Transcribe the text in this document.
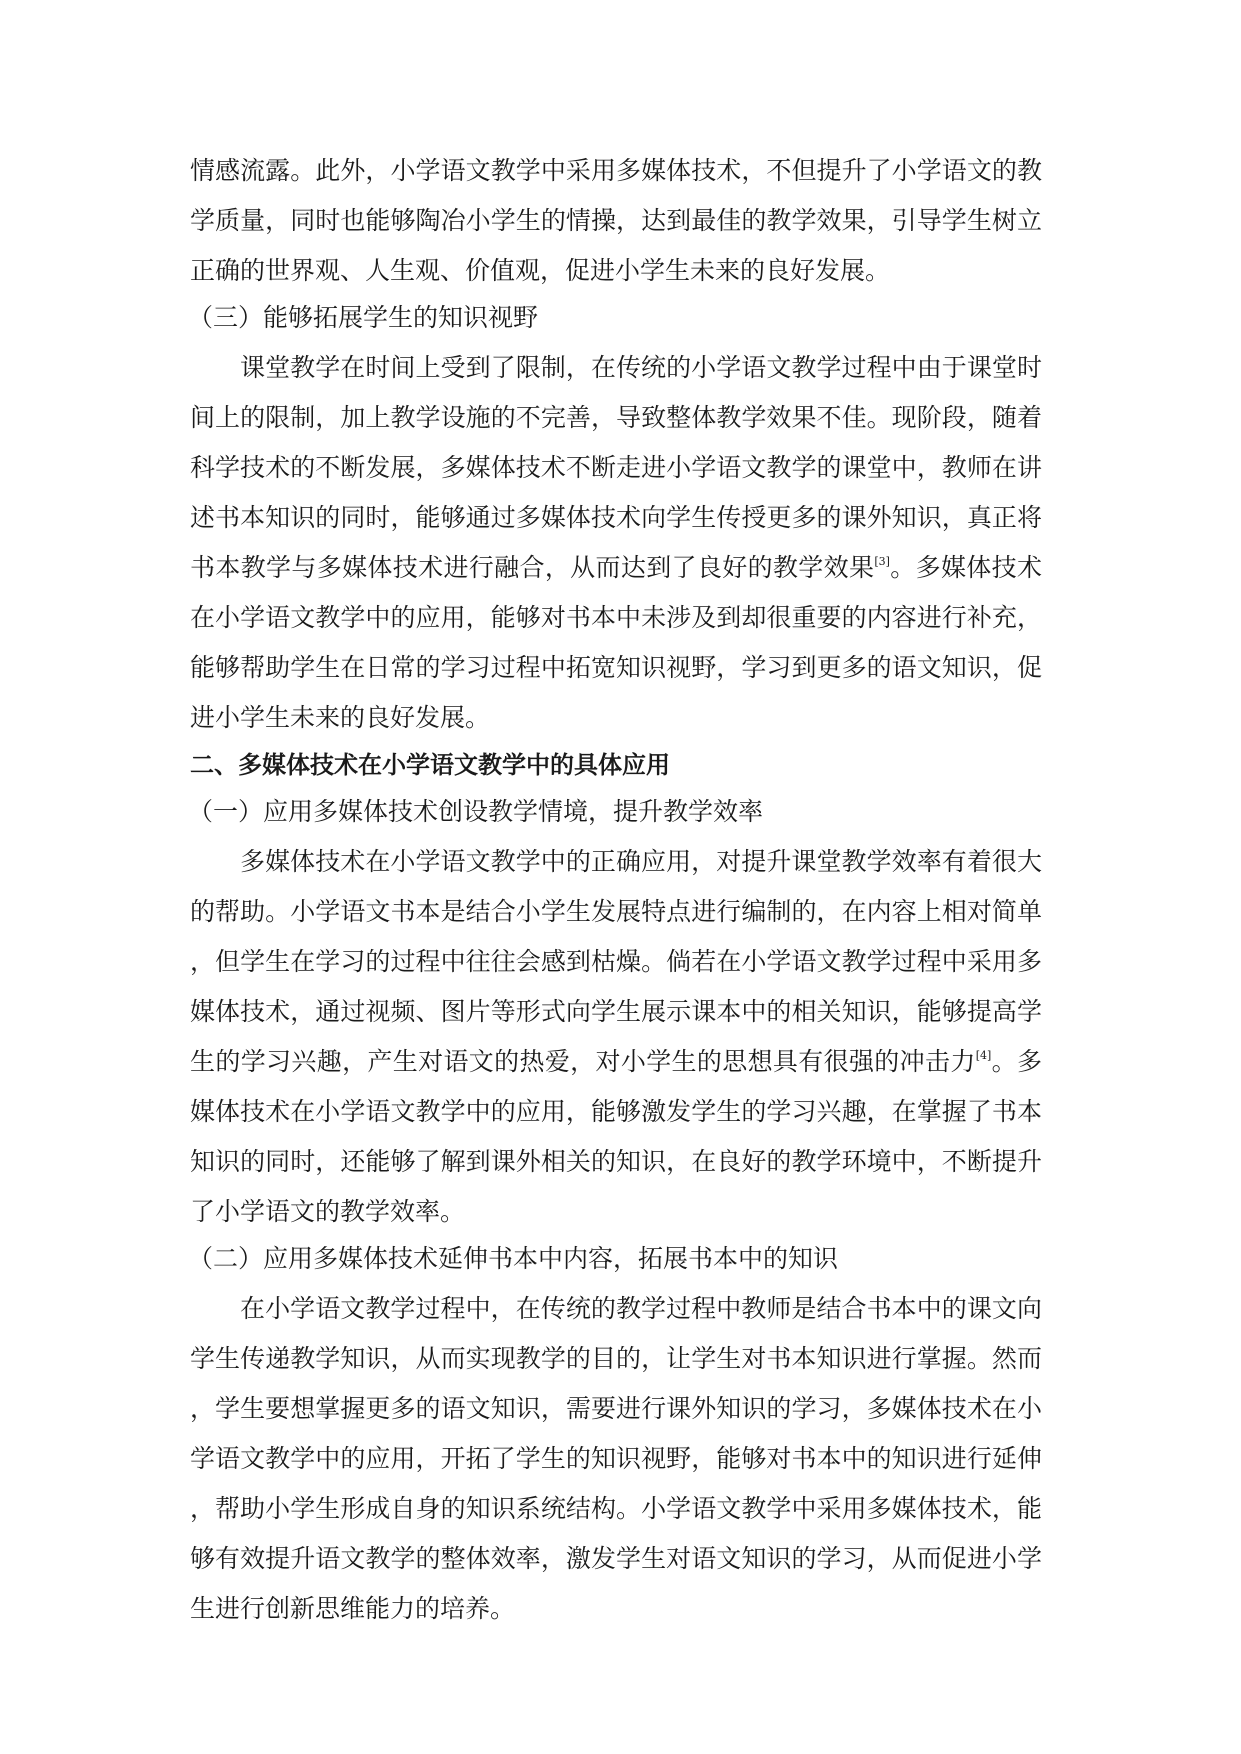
情感流露。此外，小学语文教学中采用多媒体技术，不但提升了小学语文的教
学质量，同时也能够陶冶小学生的情操，达到最佳的教学效果，引导学生树立
正确的世界观、人生观、价值观，促进小学生未来的良好发展。
（三）能够拓展学生的知识视野
课堂教学在时间上受到了限制，在传统的小学语文教学过程中由于课堂时
间上的限制，加上教学设施的不完善，导致整体教学效果不佳。现阶段，随着
科学技术的不断发展，多媒体技术不断走进小学语文教学的课堂中，教师在讲
述书本知识的同时，能够通过多媒体技术向学生传授更多的课外知识，真正将
书本教学与多媒体技术进行融合，从而达到了良好的教学效果[3]。多媒体技术
在小学语文教学中的应用，能够对书本中未涉及到却很重要的内容进行补充，
能够帮助学生在日常的学习过程中拓宽知识视野，学习到更多的语文知识，促
进小学生未来的良好发展。
二、多媒体技术在小学语文教学中的具体应用
（一）应用多媒体技术创设教学情境，提升教学效率
多媒体技术在小学语文教学中的正确应用，对提升课堂教学效率有着很大
的帮助。小学语文书本是结合小学生发展特点进行编制的，在内容上相对简单
，但学生在学习的过程中往往会感到枯燥。倘若在小学语文教学过程中采用多
媒体技术，通过视频、图片等形式向学生展示课本中的相关知识，能够提高学
生的学习兴趣，产生对语文的热爱，对小学生的思想具有很强的冲击力[4]。多
媒体技术在小学语文教学中的应用，能够激发学生的学习兴趣，在掌握了书本
知识的同时，还能够了解到课外相关的知识，在良好的教学环境中，不断提升
了小学语文的教学效率。
（二）应用多媒体技术延伸书本中内容，拓展书本中的知识
在小学语文教学过程中，在传统的教学过程中教师是结合书本中的课文向
学生传递教学知识，从而实现教学的目的，让学生对书本知识进行掌握。然而
，学生要想掌握更多的语文知识，需要进行课外知识的学习，多媒体技术在小
学语文教学中的应用，开拓了学生的知识视野，能够对书本中的知识进行延伸
，帮助小学生形成自身的知识系统结构。小学语文教学中采用多媒体技术，能
够有效提升语文教学的整体效率，激发学生对语文知识的学习，从而促进小学
生进行创新思维能力的培养。
